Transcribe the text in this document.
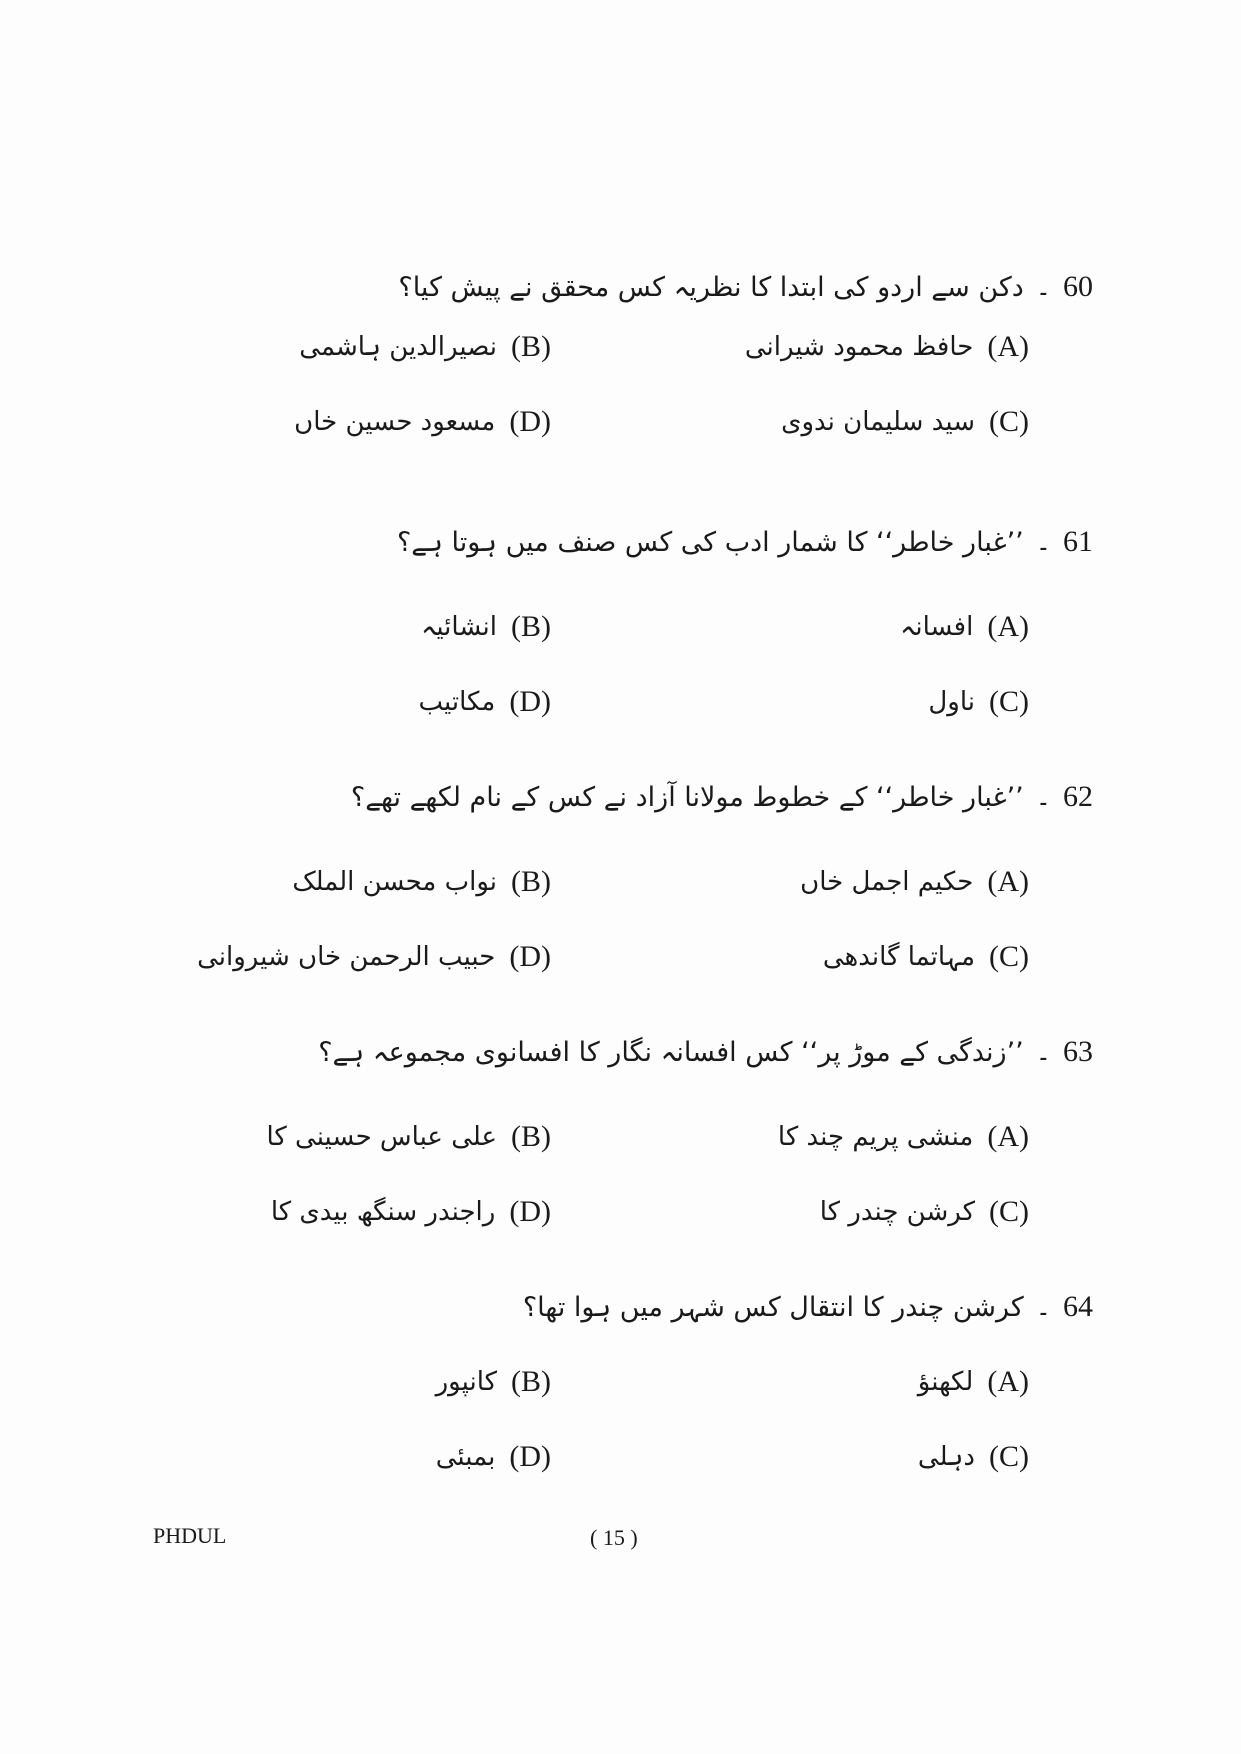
دکن سے اردو کی ابتدا کا نظریہ کس محقق نے پیش کیا؟ ۔ 60
حافظ محمود شیرانی (A)
نصیرالدین ہاشمی (B)
سید سلیمان ندوی (C)
مسعود حسین خاں (D)
’’غبار خاطر‘‘ کا شمار ادب کی کس صنف میں ہوتا ہے؟ ۔ 61
افسانہ (A)
انشائیہ (B)
ناول (C)
مکاتیب (D)
’’غبار خاطر‘‘ کے خطوط مولانا آزاد نے کس کے نام لکھے تھے؟ ۔ 62
حکیم اجمل خاں (A)
نواب محسن الملک (B)
مہاتما گاندھی (C)
حبیب الرحمن خاں شیروانی (D)
’’زندگی کے موڑ پر‘‘ کس افسانہ نگار کا افسانوی مجموعہ ہے؟ ۔ 63
منشی پریم چند کا (A)
علی عباس حسینی کا (B)
کرشن چندر کا (C)
راجندر سنگھ بیدی کا (D)
کرشن چندر کا انتقال کس شہر میں ہوا تھا؟ ۔ 64
لکھنؤ (A)
کانپور (B)
دہلی (C)
بمبئی (D)
PHDUL	( 15 )
